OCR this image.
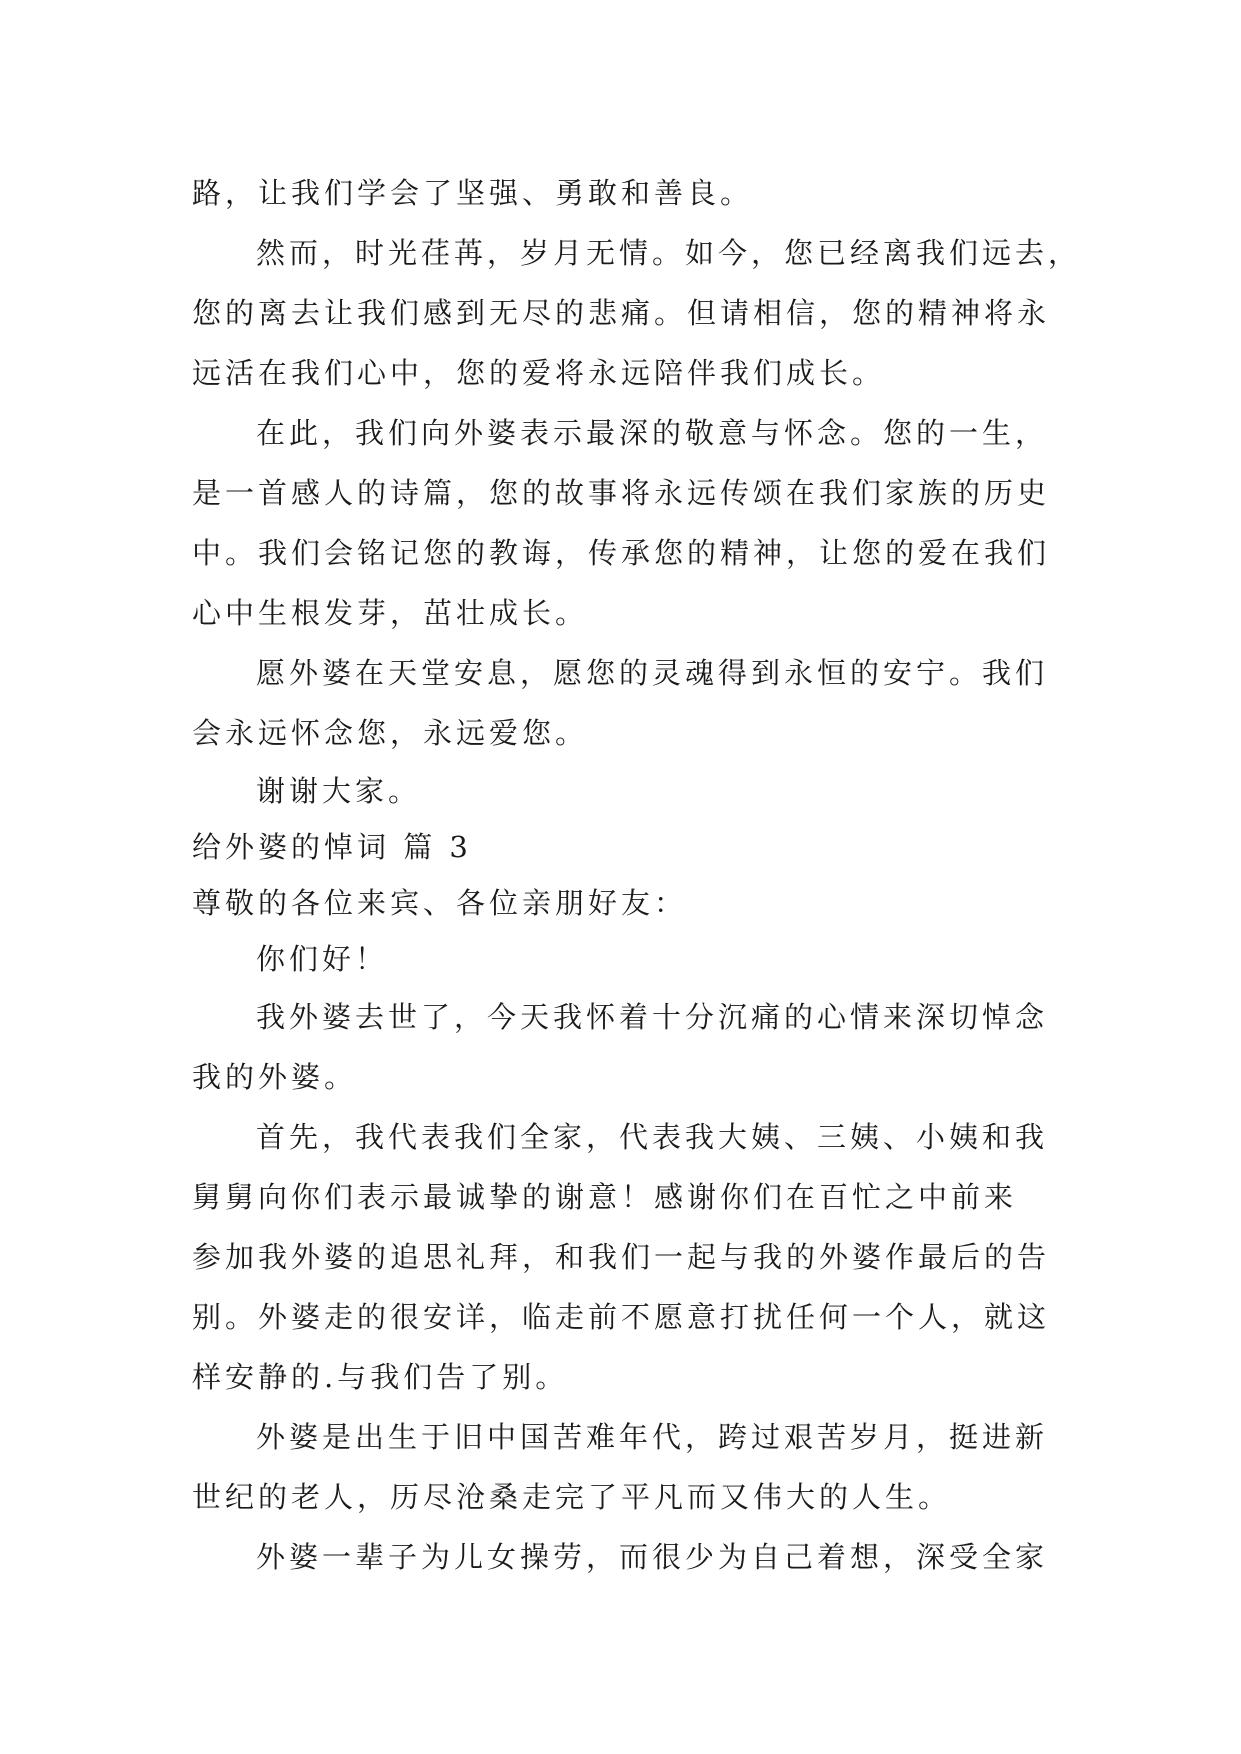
路，让我们学会了坚强、勇敢和善良。
然而，时光荏苒，岁月无情。如今，您已经离我们远去，
您的离去让我们感到无尽的悲痛。但请相信，您的精神将永
远活在我们心中，您的爱将永远陪伴我们成长。
在此，我们向外婆表示最深的敬意与怀念。您的一生，
是一首感人的诗篇，您的故事将永远传颂在我们家族的历史
中。我们会铭记您的教诲，传承您的精神，让您的爱在我们
心中生根发芽，茁壮成长。
愿外婆在天堂安息，愿您的灵魂得到永恒的安宁。我们
会永远怀念您，永远爱您。
谢谢大家。
给外婆的悼词 篇 3
尊敬的各位来宾、各位亲朋好友：
你们好！
我外婆去世了，今天我怀着十分沉痛的心情来深切悼念
我的外婆。
首先，我代表我们全家，代表我大姨、三姨、小姨和我
舅舅向你们表示最诚挚的谢意！感谢你们在百忙之中前来
参加我外婆的追思礼拜，和我们一起与我的外婆作最后的告
别。外婆走的很安详，临走前不愿意打扰任何一个人，就这
样安静的.与我们告了别。
外婆是出生于旧中国苦难年代，跨过艰苦岁月，挺进新
世纪的老人，历尽沧桑走完了平凡而又伟大的人生。
外婆一辈子为儿女操劳，而很少为自己着想，深受全家
